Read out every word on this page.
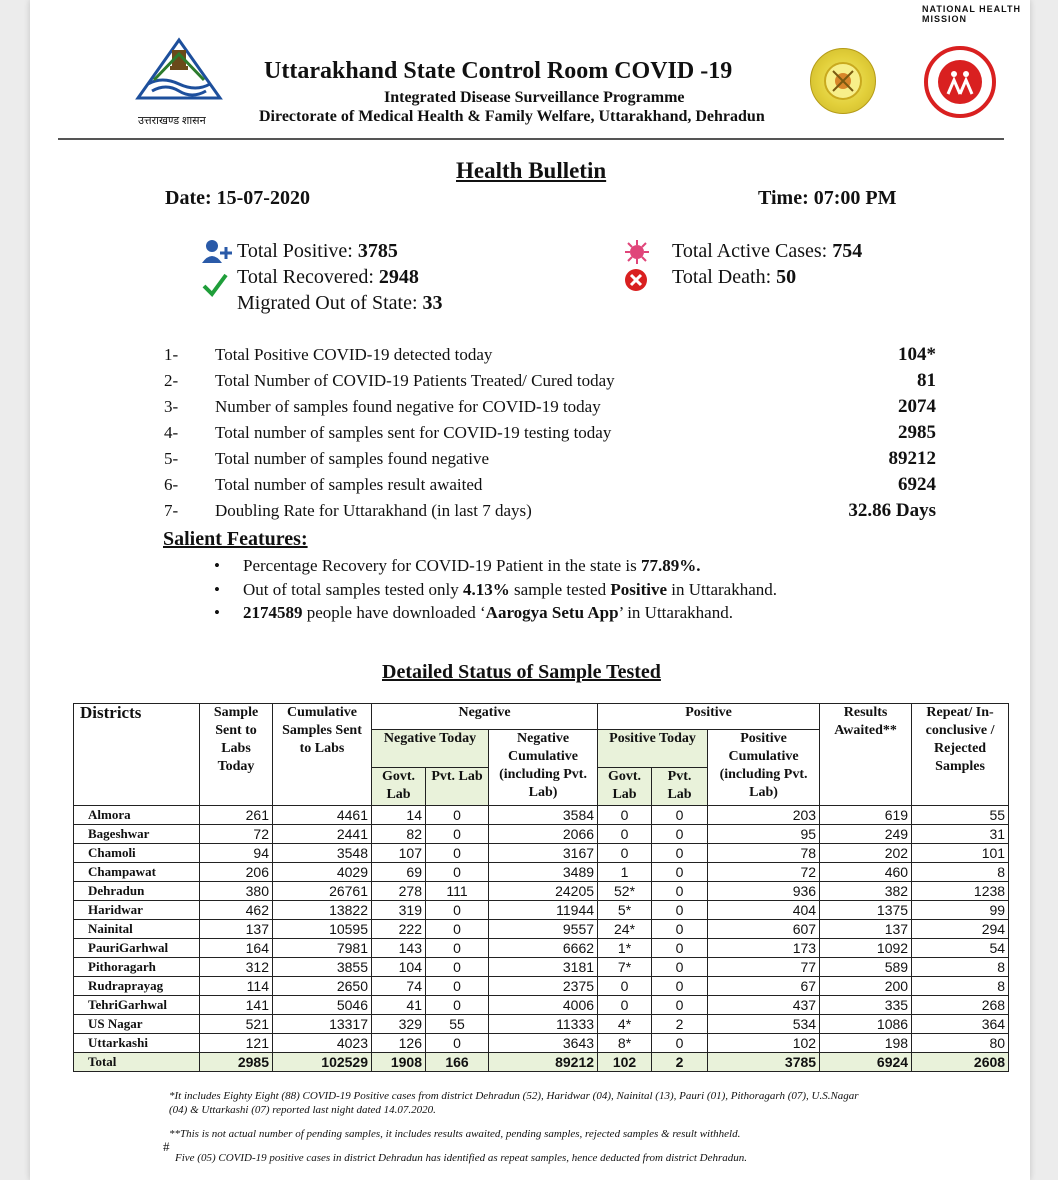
उत्तराखण्ड शासन
Uttarakhand State Control Room COVID -19
Integrated Disease Surveillance Programme
Directorate of Medical Health & Family Welfare, Uttarakhand, Dehradun
NATIONAL HEALTH MISSION
Health Bulletin
Date: 15-07-2020	Time: 07:00 PM
Total Positive: 3785
Total Recovered: 2948
Migrated Out of State: 33
Total Active Cases: 754
Total Death: 50
1- Total Positive COVID-19 detected today	104*
2- Total Number of COVID-19 Patients Treated/ Cured today	81
3- Number of samples found negative for COVID-19 today	2074
4- Total number of samples sent for COVID-19 testing today	2985
5- Total number of samples found negative	89212
6- Total number of samples result awaited	6924
7- Doubling Rate for Uttarakhand (in last 7 days)	32.86 Days
Salient Features:
• Percentage Recovery for COVID-19 Patient in the state is 77.89%.
• Out of total samples tested only 4.13% sample tested Positive in Uttarakhand.
• 2174589 people have downloaded ‘Aarogya Setu App’ in Uttarakhand.
Detailed Status of Sample Tested
Districts	Sample Sent to Labs Today	Cumulative Samples Sent to Labs	Negative			Positive			Results Awaited**	Repeat/ In-conclusive / Rejected Samples
			Negative Today		Negative Cumulative (including Pvt. Lab)	Positive Today		Positive Cumulative (including Pvt. Lab)		
			Govt. Lab	Pvt. Lab		Govt. Lab	Pvt. Lab			
Almora	261	4461	14	0	3584	0	0	203	619	55
Bageshwar	72	2441	82	0	2066	0	0	95	249	31
Chamoli	94	3548	107	0	3167	0	0	78	202	101
Champawat	206	4029	69	0	3489	1	0	72	460	8
Dehradun	380	26761	278	111	24205	52*	0	936	382	1238
Haridwar	462	13822	319	0	11944	5*	0	404	1375	99
Nainital	137	10595	222	0	9557	24*	0	607	137	294
PauriGarhwal	164	7981	143	0	6662	1*	0	173	1092	54
Pithoragarh	312	3855	104	0	3181	7*	0	77	589	8
Rudraprayag	114	2650	74	0	2375	0	0	67	200	8
TehriGarhwal	141	5046	41	0	4006	0	0	437	335	268
US Nagar	521	13317	329	55	11333	4*	2	534	1086	364
Uttarkashi	121	4023	126	0	3643	8*	0	102	198	80
Total	2985	102529	1908	166	89212	102	2	3785	6924	2608
*It includes Eighty Eight (88) COVID-19 Positive cases from district Dehradun (52), Haridwar (04), Nainital (13), Pauri (01), Pithoragarh (07), U.S.Nagar
(04) & Uttarkashi (07) reported last night dated 14.07.2020.
**This is not actual number of pending samples, it includes results awaited, pending samples, rejected samples & result withheld.
#
Five (05) COVID-19 positive cases in district Dehradun has identified as repeat samples, hence deducted from district Dehradun.
